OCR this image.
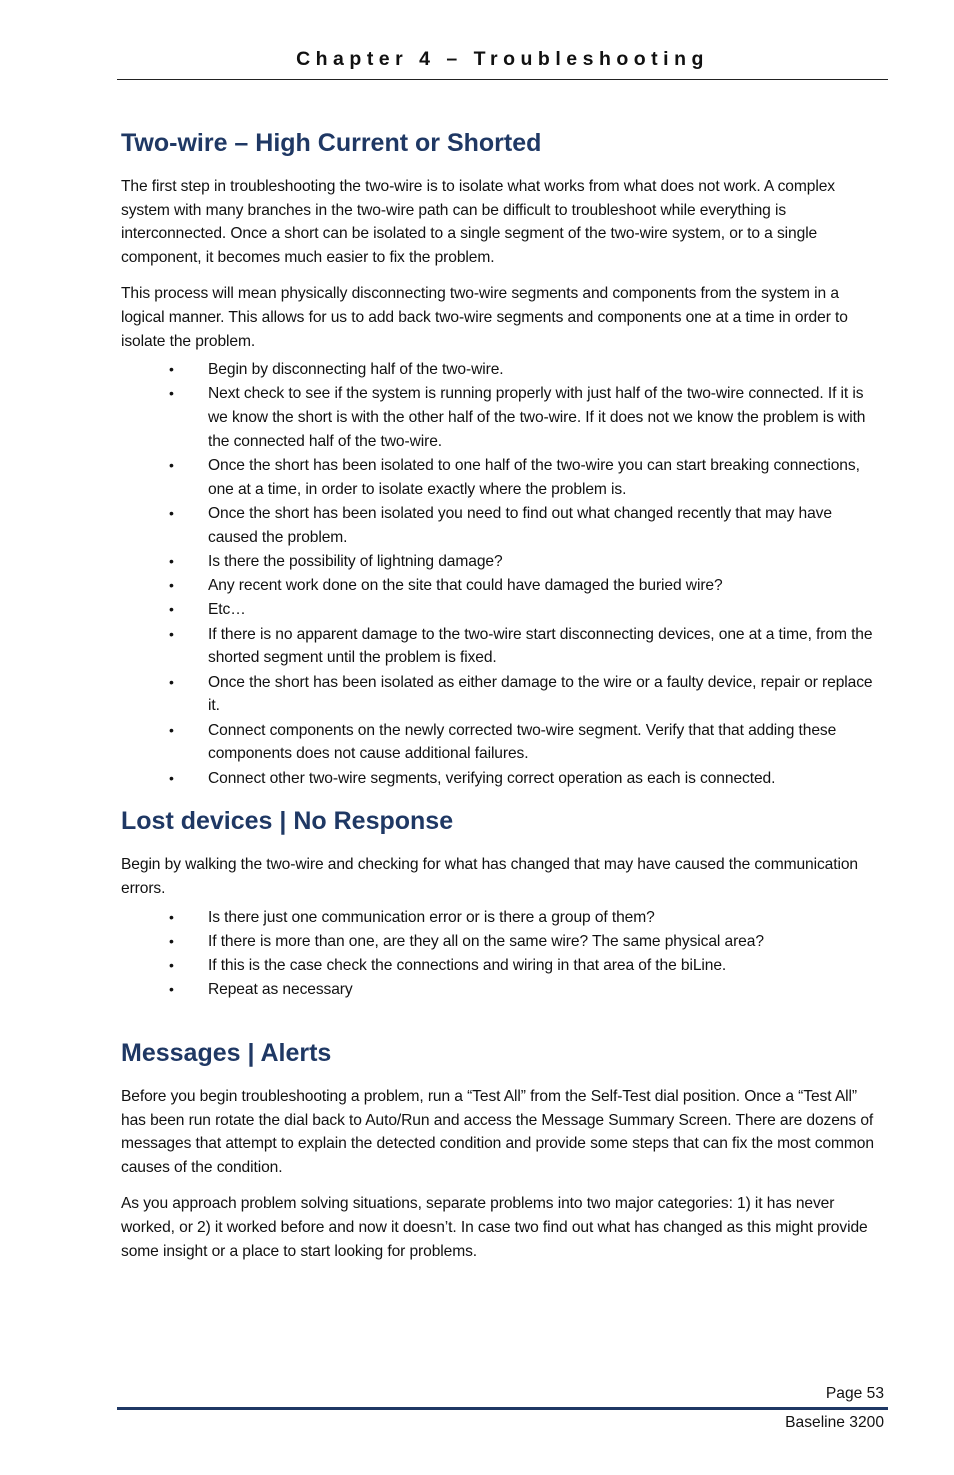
Chapter 4 – Troubleshooting
Two-wire – High Current or Shorted

The first step in troubleshooting the two-wire is to isolate what works from what does not work. A complex system with many branches in the two-wire path can be difficult to troubleshoot while everything is interconnected. Once a short can be isolated to a single segment of the two-wire system, or to a single component, it becomes much easier to fix the problem.

This process will mean physically disconnecting two-wire segments and components from the system in a logical manner. This allows for us to add back two-wire segments and components one at a time in order to isolate the problem.

• Begin by disconnecting half of the two-wire.
• Next check to see if the system is running properly with just half of the two-wire connected. If it is we know the short is with the other half of the two-wire. If it does not we know the problem is with the connected half of the two-wire.
• Once the short has been isolated to one half of the two-wire you can start breaking connections, one at a time, in order to isolate exactly where the problem is.
• Once the short has been isolated you need to find out what changed recently that may have caused the problem.
• Is there the possibility of lightning damage?
• Any recent work done on the site that could have damaged the buried wire?
• Etc…
• If there is no apparent damage to the two-wire start disconnecting devices, one at a time, from the shorted segment until the problem is fixed.
• Once the short has been isolated as either damage to the wire or a faulty device, repair or replace it.
• Connect components on the newly corrected two-wire segment. Verify that that adding these components does not cause additional failures.
• Connect other two-wire segments, verifying correct operation as each is connected.
Lost devices | No Response

Begin by walking the two-wire and checking for what has changed that may have caused the communication errors.

• Is there just one communication error or is there a group of them?
• If there is more than one, are they all on the same wire? The same physical area?
• If this is the case check the connections and wiring in that area of the biLine.
• Repeat as necessary
Messages | Alerts

Before you begin troubleshooting a problem, run a “Test All” from the Self-Test dial position. Once a “Test All” has been run rotate the dial back to Auto/Run and access the Message Summary Screen. There are dozens of messages that attempt to explain the detected condition and provide some steps that can fix the most common causes of the condition.

As you approach problem solving situations, separate problems into two major categories: 1) it has never worked, or 2) it worked before and now it doesn’t. In case two find out what has changed as this might provide some insight or a place to start looking for problems.

Page 53
Baseline 3200
